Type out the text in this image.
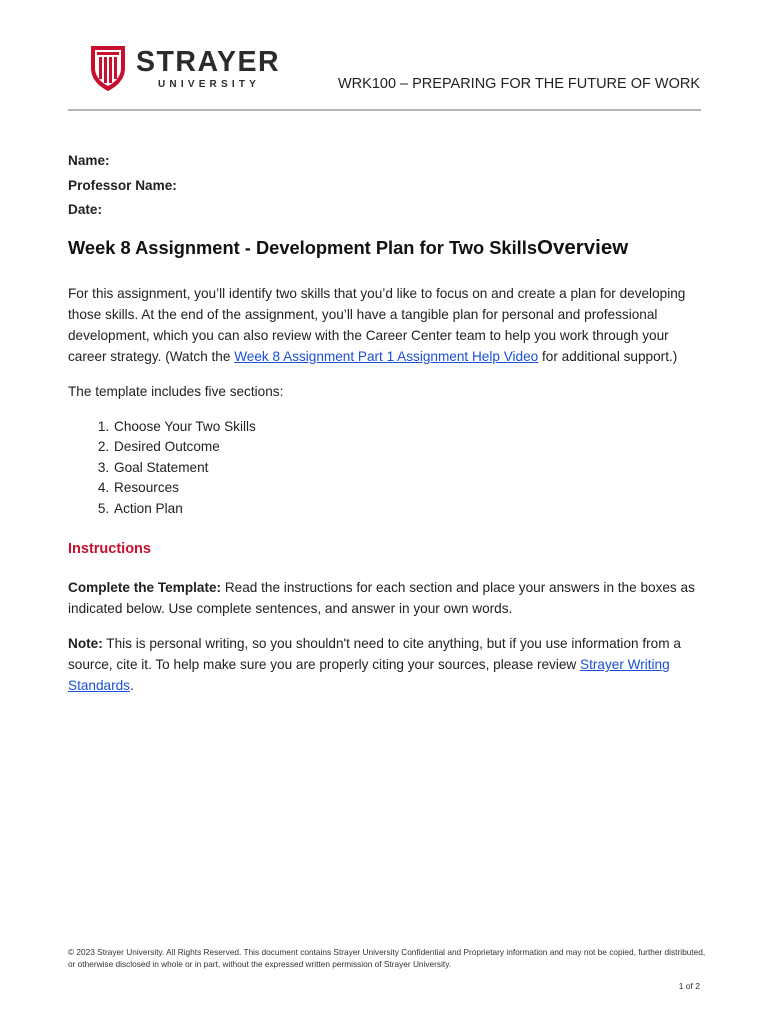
STRAYER
UNIVERSITY	WRK100 – PREPARING FOR THE FUTURE OF WORK
Name:
Professor Name:
Date:
Week 8 Assignment - Development Plan for Two SkillsOverview

For this assignment, you’ll identify two skills that you’d like to focus on and create a plan for developing those skills. At the end of the assignment, you’ll have a tangible plan for personal and professional development, which you can also review with the Career Center team to help you work through your career strategy. (Watch the Week 8 Assignment Part 1 Assignment Help Video for additional support.)

The template includes five sections:

1. Choose Your Two Skills
2. Desired Outcome
3. Goal Statement
4. Resources
5. Action Plan
Instructions

Complete the Template: Read the instructions for each section and place your answers in the boxes as indicated below. Use complete sentences, and answer in your own words.

Note: This is personal writing, so you shouldn't need to cite anything, but if you use information from a source, cite it. To help make sure you are properly citing your sources, please review Strayer Writing Standards.

© 2023 Strayer University. All Rights Reserved. This document contains Strayer University Confidential and Proprietary information and may not be copied, further distributed, or otherwise disclosed in whole or in part, without the expressed written permission of Strayer University.
1 of 2
